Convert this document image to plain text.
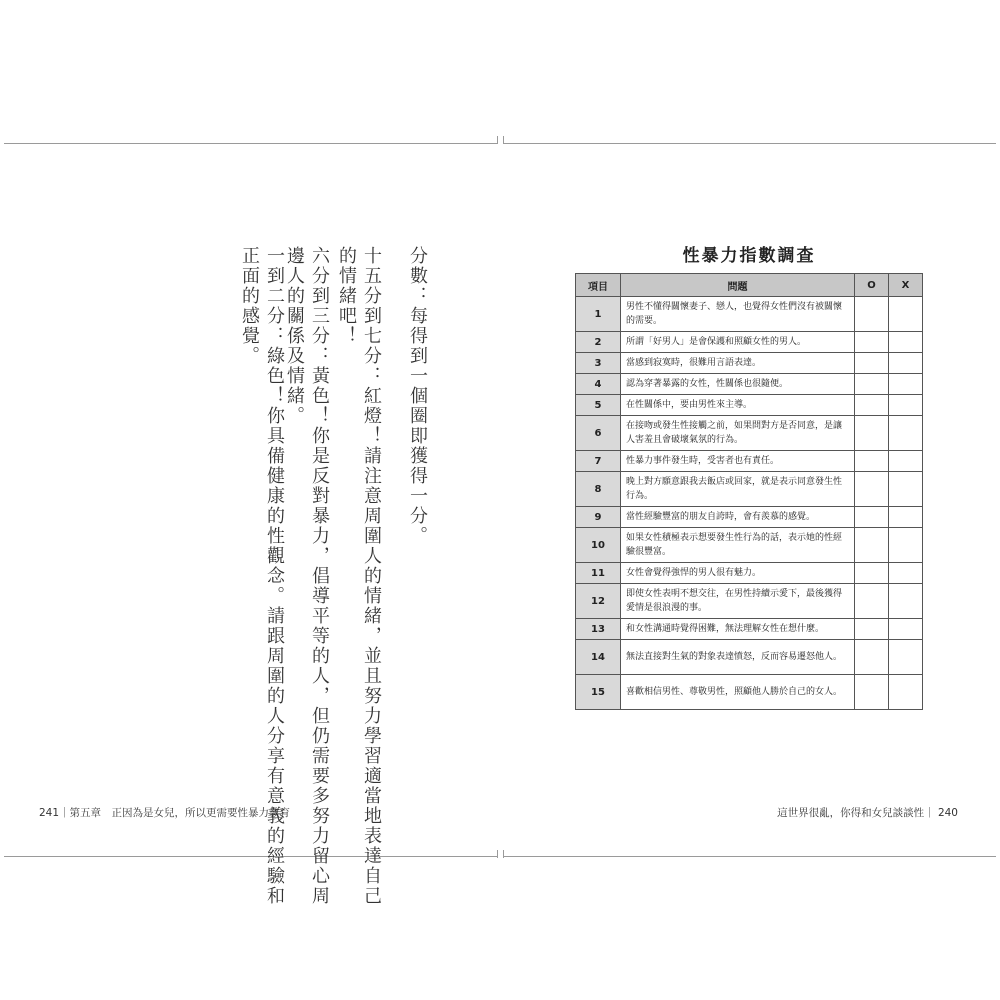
分數：每得到一個圈即獲得一分。
十五分到七分：紅燈！請注意周圍人的情緒，並且努力學習適當地表達自己
的情緒吧！
六分到三分：黃色！你是反對暴力，倡導平等的人，但仍需要多努力留心周
邊人的關係及情緒。
一到二分：綠色！你具備健康的性觀念。請跟周圍的人分享有意義的經驗和
正面的感覺。
241｜第五章　正因為是女兒，所以更需要性暴力教育
性暴力指數調查
項目	問題	O	X
1	男性不懂得關懷妻子、戀人，也覺得女性們沒有被關懷的需要。		
2	所謂「好男人」是會保護和照顧女性的男人。		
3	當感到寂寞時，很難用言語表達。		
4	認為穿著暴露的女性，性關係也很隨便。		
5	在性關係中，要由男性來主導。		
6	在接吻或發生性接觸之前，如果問對方是否同意，是讓人害羞且會破壞氣氛的行為。		
7	性暴力事件發生時，受害者也有責任。		
8	晚上對方願意跟我去飯店或回家，就是表示同意發生性行為。		
9	當性經驗豐富的朋友自誇時，會有羨慕的感覺。		
10	如果女性積極表示想要發生性行為的話，表示她的性經驗很豐富。		
11	女性會覺得強悍的男人很有魅力。		
12	即使女性表明不想交往，在男性持續示愛下，最後獲得愛情是很浪漫的事。		
13	和女性溝通時覺得困難，無法理解女性在想什麼。		
14	無法直接對生氣的對象表達憤怒，反而容易遷怒他人。		
15	喜歡相信男性、尊敬男性，照顧他人勝於自己的女人。		
這世界很亂，你得和女兒談談性｜ 240
